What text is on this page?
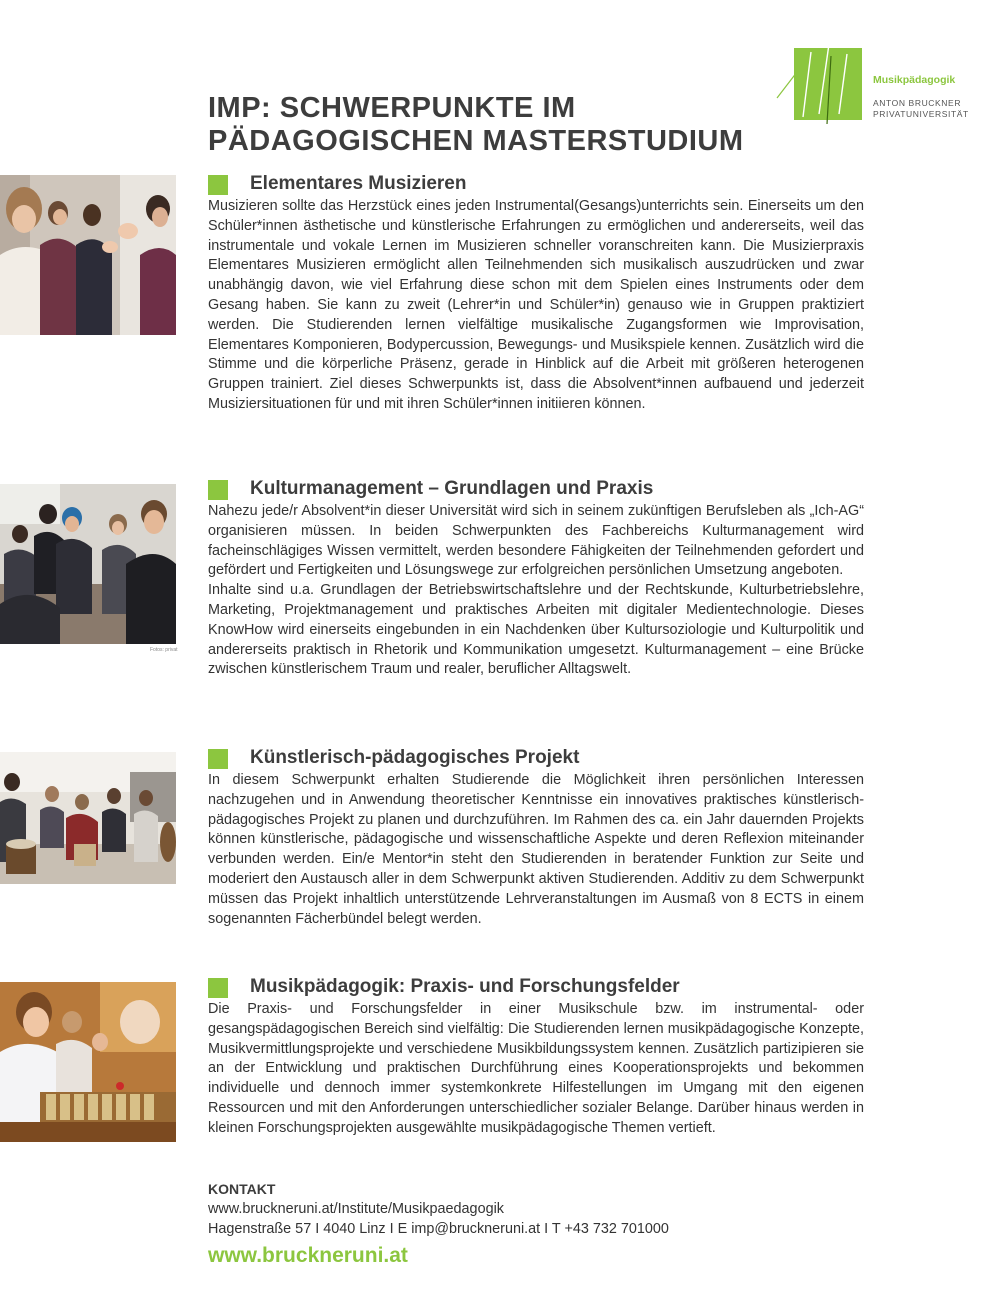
Musikpädagogik
ANTON BRUCKNER
PRIVATUNIVERSITÄT
IMP: SCHWERPUNKTE IM
PÄDAGOGISCHEN MASTERSTUDIUM
Elementares Musizieren

Musizieren sollte das Herzstück eines jeden Instrumental(Gesangs)unterrichts sein. Einerseits um den Schüler*innen ästhetische und künstlerische Erfahrungen zu ermöglichen und andererseits, weil das instrumentale und vokale Lernen im Musizieren schneller voranschreiten kann. Die Musizierpraxis Elementares Musizieren ermöglicht allen Teilnehmenden sich musikalisch auszudrücken und zwar unabhängig davon, wie viel Erfahrung diese schon mit dem Spielen eines Instruments oder dem Gesang haben. Sie kann zu zweit (Lehrer*in und Schüler*in) genauso wie in Gruppen praktiziert werden. Die Studierenden lernen vielfältige musikalische Zugangsformen wie Improvisation, Elementares Komponieren, Bodypercussion, Bewegungs- und Musikspiele kennen. Zusätzlich wird die Stimme und die körperliche Präsenz, gerade in Hinblick auf die Arbeit mit größeren heterogenen Gruppen trainiert. Ziel dieses Schwerpunkts ist, dass die Absolvent*innen aufbauend und jederzeit Musiziersituationen für und mit ihren Schüler*innen initiieren können.

Fotos: privat
Kulturmanagement – Grundlagen und Praxis

Nahezu jede/r Absolvent*in dieser Universität wird sich in seinem zukünftigen Berufsleben als „Ich-AG“ organisieren müssen. In beiden Schwerpunkten des Fachbereichs Kulturmanagement wird facheinschlägiges Wissen vermittelt, werden besondere Fähigkeiten der Teilnehmenden gefordert und gefördert und Fertigkeiten und Lösungswege zur erfolgreichen persönlichen Umsetzung angeboten.

Inhalte sind u.a. Grundlagen der Betriebswirtschaftslehre und der Rechtskunde, Kulturbetriebslehre, Marketing, Projektmanagement und praktisches Arbeiten mit digitaler Medientechnologie. Dieses KnowHow wird einerseits eingebunden in ein Nachdenken über Kultursoziologie und Kulturpolitik und andererseits praktisch in Rhetorik und Kommunikation umgesetzt. Kulturmanagement – eine Brücke zwischen künstlerischem Traum und realer, beruflicher Alltagswelt.

Künstlerisch-pädagogisches Projekt

In diesem Schwerpunkt erhalten Studierende die Möglichkeit ihren persönlichen Interessen nachzugehen und in Anwendung theoretischer Kenntnisse ein innovatives praktisches künstlerisch-pädagogisches Projekt zu planen und durchzuführen. Im Rahmen des ca. ein Jahr dauernden Projekts können künstlerische, pädagogische und wissenschaftliche Aspekte und deren Reflexion miteinander verbunden werden. Ein/e Mentor*in steht den Studierenden in beratender Funktion zur Seite und moderiert den Austausch aller in dem Schwerpunkt aktiven Studierenden. Additiv zu dem Schwerpunkt müssen das Projekt inhaltlich unterstützende Lehrveranstaltungen im Ausmaß von 8 ECTS in einem sogenannten Fächerbündel belegt werden.

Musikpädagogik: Praxis- und Forschungsfelder

Die Praxis- und Forschungsfelder in einer Musikschule bzw. im instrumental- oder gesangspädagogischen Bereich sind vielfältig: Die Studierenden lernen musikpädagogische Konzepte, Musikvermittlungsprojekte und verschiedene Musikbildungssystem kennen. Zusätzlich partizipieren sie an der Entwicklung und praktischen Durchführung eines Kooperationsprojekts und bekommen individuelle und dennoch immer systemkonkrete Hilfestellungen im Umgang mit den eigenen Ressourcen und mit den Anforderungen unterschiedlicher sozialer Belange. Darüber hinaus werden in kleinen Forschungsprojekten ausgewählte musikpädagogische Themen vertieft.

KONTAKT

www.bruckneruni.at/Institute/Musikpaedagogik

Hagenstraße 57 I 4040 Linz I E imp@bruckneruni.at I T +43 732 701000

www.bruckneruni.at
